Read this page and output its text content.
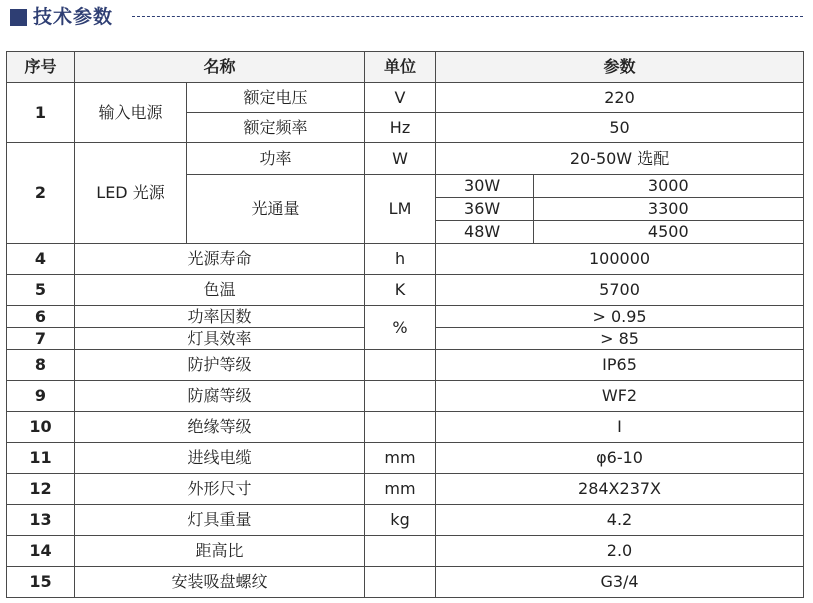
技术参数
序号	名称	单位	参数
1	输入电源	额定电压	V	220
额定频率	Hz	50
2	LED 光源	功率	W	20-50W 选配
光通量	LM	
30W	3000
36W	3300
48W	4500

4	光源寿命	h	100000
5	色温	K	5700
6	功率因数	%	> 0.95
7	灯具效率	> 85
8	防护等级		IP65
9	防腐等级		WF2
10	绝缘等级		I
11	进线电缆	mm	φ6-10
12	外形尺寸	mm	284X237X
13	灯具重量	kg	4.2
14	距高比		2.0
15	安装吸盘螺纹		G3/4
